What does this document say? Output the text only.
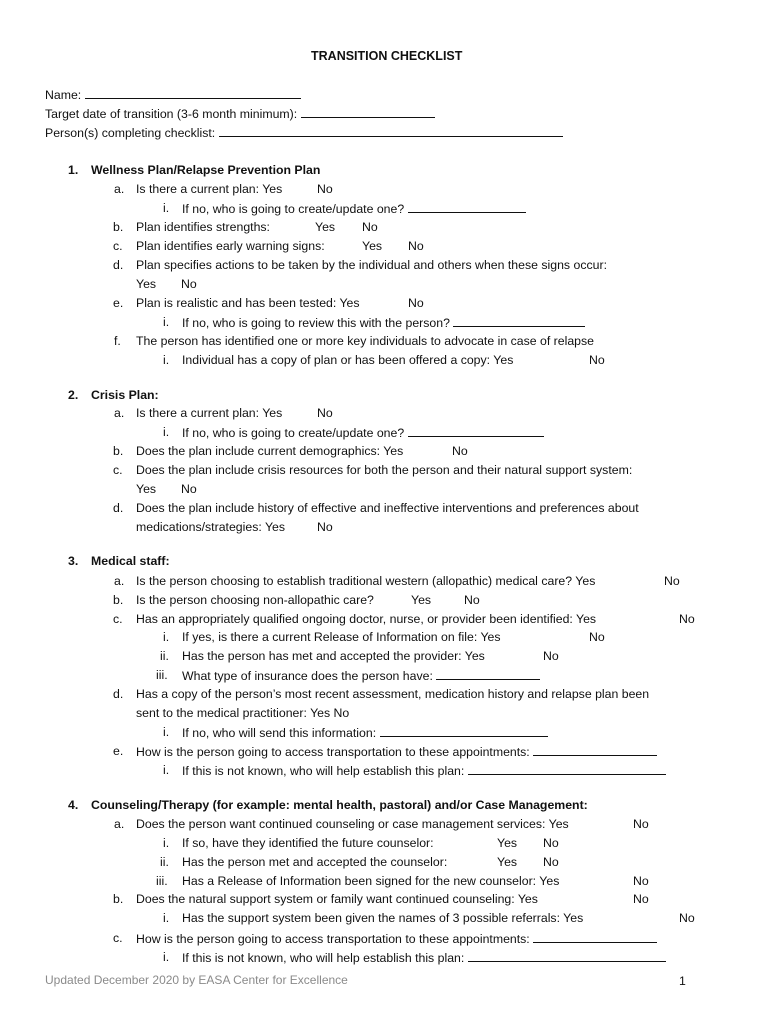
TRANSITION CHECKLIST
Name:
Target date of transition (3-6 month minimum):
Person(s) completing checklist:
1. Wellness Plan/Relapse Prevention Plan
a. Is there a current plan: Yes	No
i. If no, who is going to create/update one?
b. Plan identifies strengths:	Yes No
c. Plan identifies early warning signs:	Yes No
d. Plan specifies actions to be taken by the individual and others when these signs occur:
Yes No
e. Plan is realistic and has been tested: Yes	No
i. If no, who is going to review this with the person?
f. The person has identified one or more key individuals to advocate in case of relapse
i. Individual has a copy of plan or has been offered a copy: Yes	No
2. Crisis Plan:
a. Is there a current plan: Yes	No
i. If no, who is going to create/update one?
b. Does the plan include current demographics: Yes	No
c. Does the plan include crisis resources for both the person and their natural support system:
Yes No
d. Does the plan include history of effective and ineffective interventions and preferences about
medications/strategies: Yes	No
3. Medical staff:
a. Is the person choosing to establish traditional western (allopathic) medical care? Yes	No
b. Is the person choosing non-allopathic care?	Yes	No
c. Has an appropriately qualified ongoing doctor, nurse, or provider been identified: Yes	No
i. If yes, is there a current Release of Information on file: Yes	No
ii. Has the person has met and accepted the provider: Yes	No
iii. What type of insurance does the person have:
d. Has a copy of the person’s most recent assessment, medication history and relapse plan been
sent to the medical practitioner: Yes No
i. If no, who will send this information:
e. How is the person going to access transportation to these appointments:
i. If this is not known, who will help establish this plan:
4. Counseling/Therapy (for example: mental health, pastoral) and/or Case Management:
a. Does the person want continued counseling or case management services: Yes	No
i. If so, have they identified the future counselor:	Yes No
ii. Has the person met and accepted the counselor:	Yes No
iii. Has a Release of Information been signed for the new counselor: Yes	No
b. Does the natural support system or family want continued counseling: Yes	No
i. Has the support system been given the names of 3 possible referrals: Yes	No
c. How is the person going to access transportation to these appointments:
i. If this is not known, who will help establish this plan:
Updated December 2020 by EASA Center for Excellence	1
